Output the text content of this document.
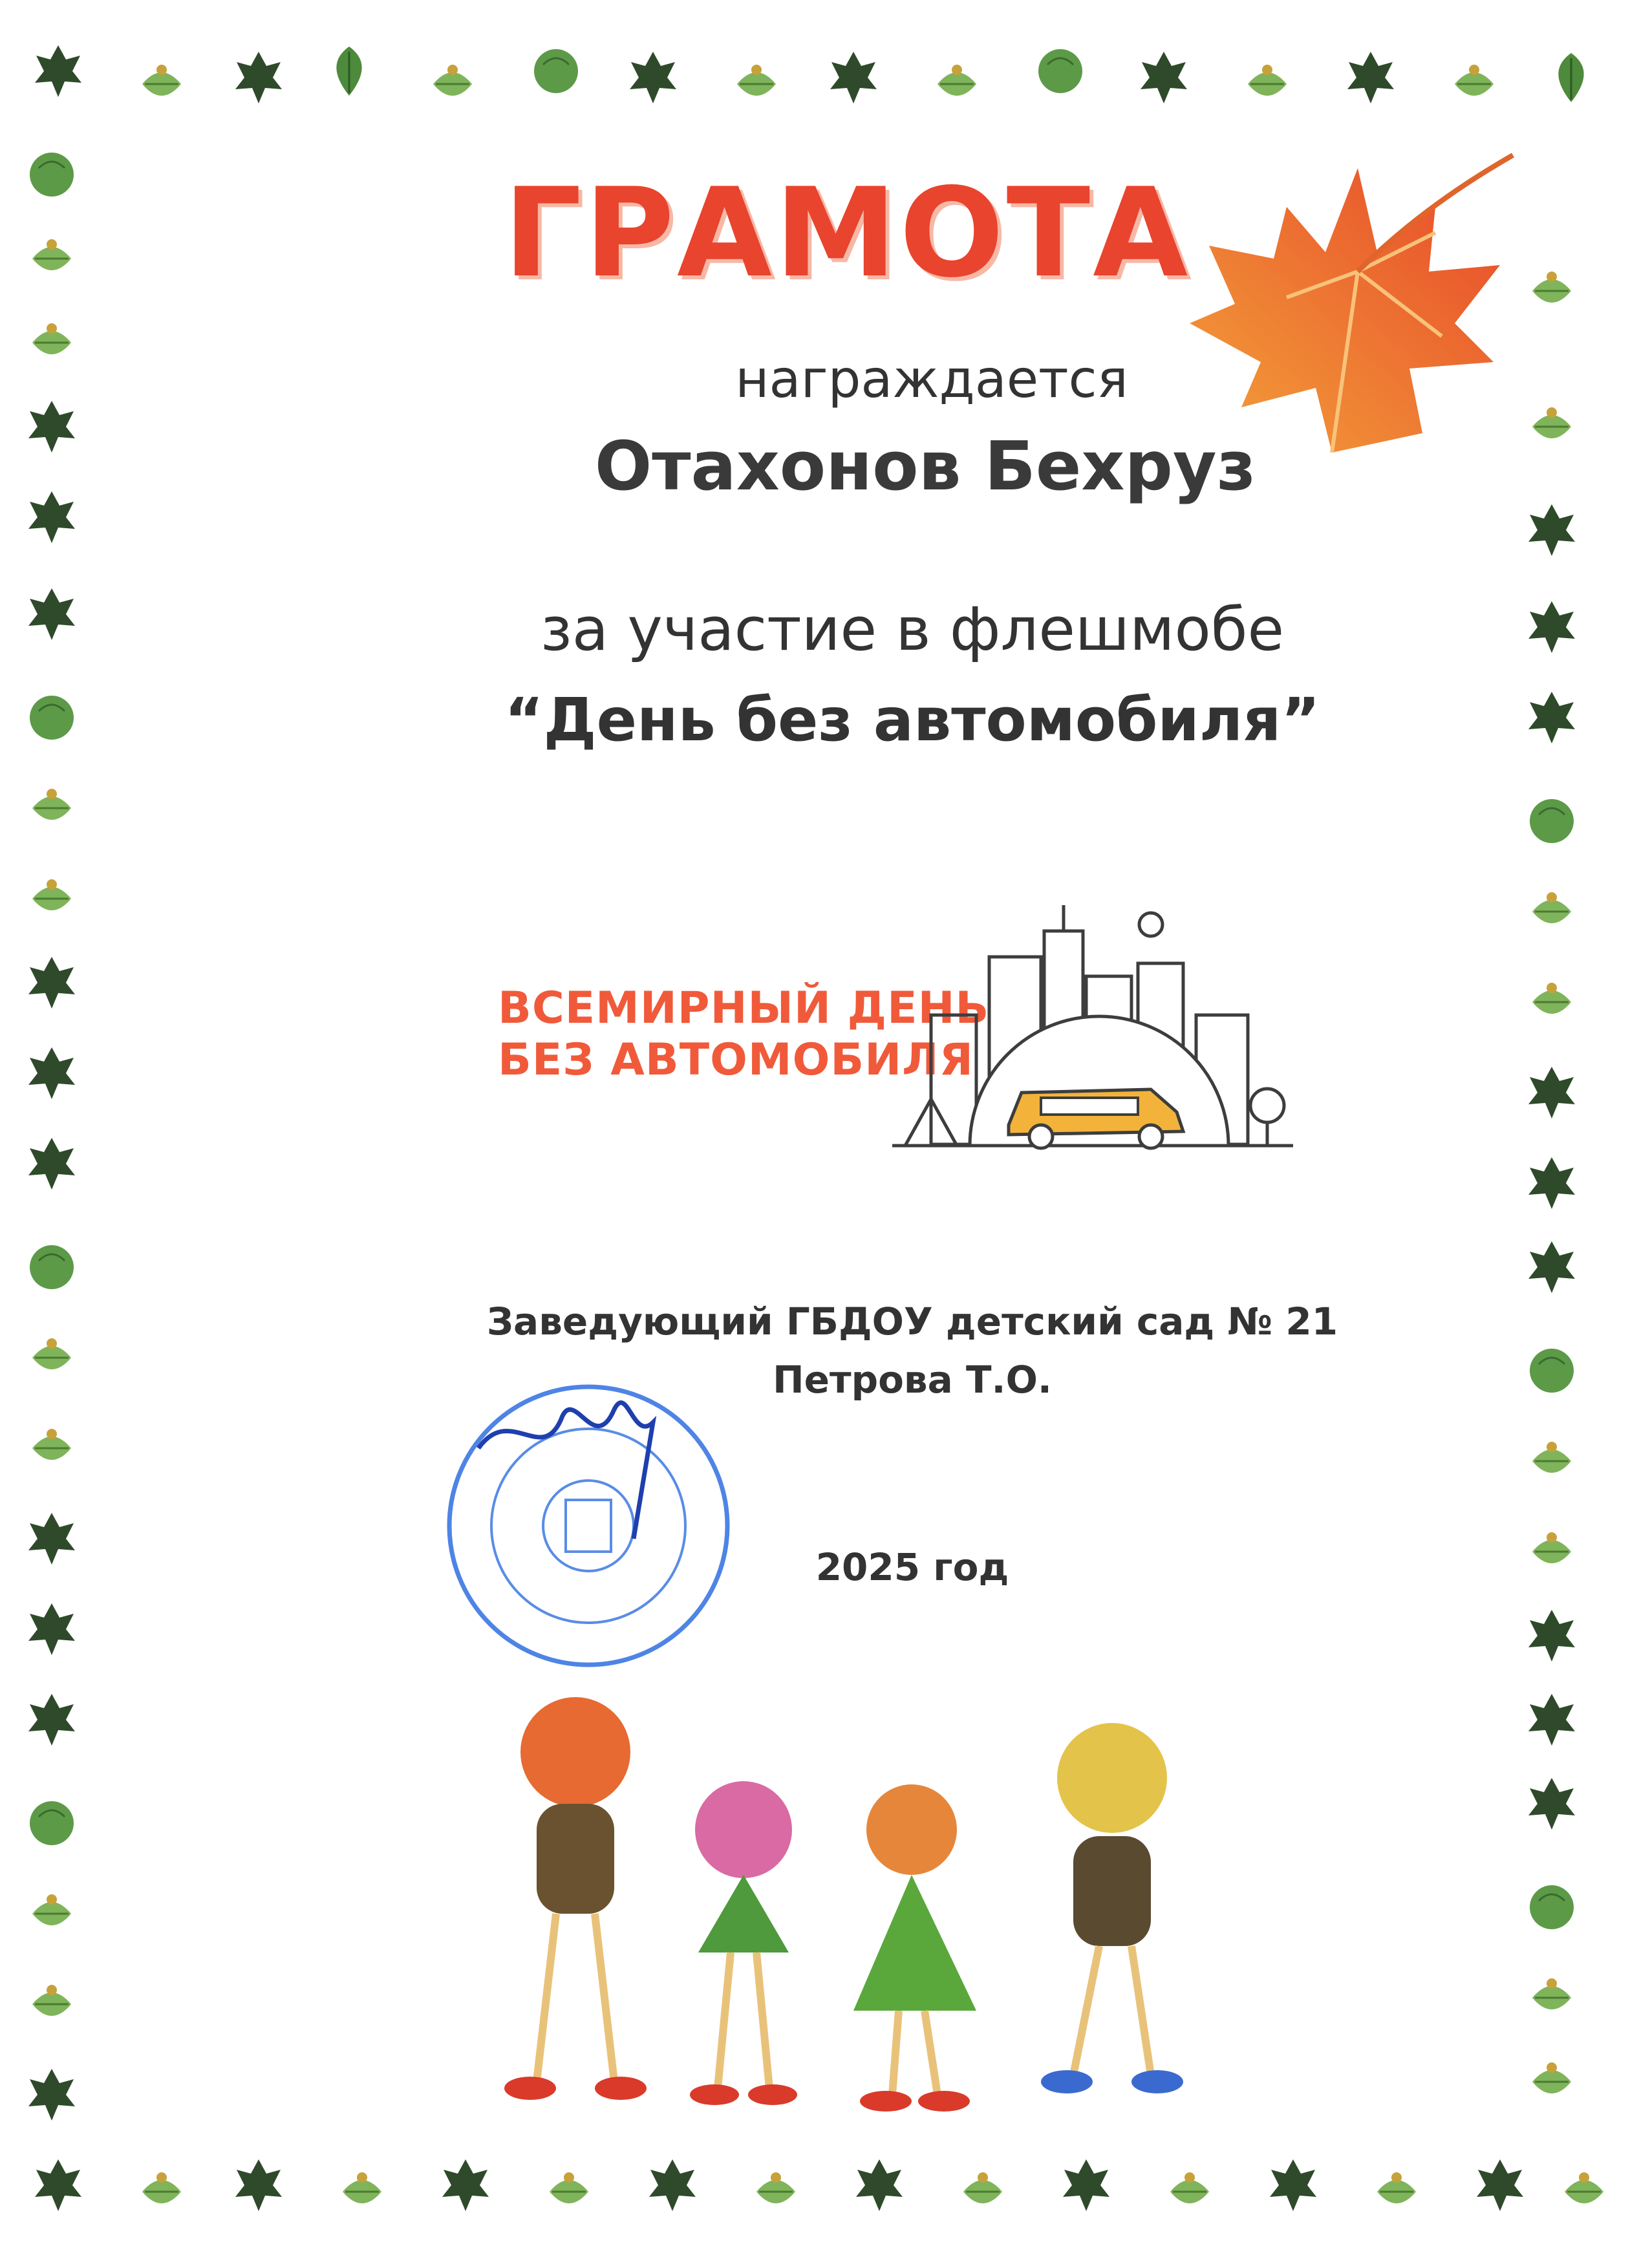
ГРАМОТА
награждается
Отахонов Бехруз
за участие в флешмобе
“День без автомобиля”
ВСЕМИРНЫЙ ДЕНЬ
БЕЗ АВТОМОБИЛЯ
Заведующий ГБДОУ детский сад № 21
Петрова Т.О.
2025 год
